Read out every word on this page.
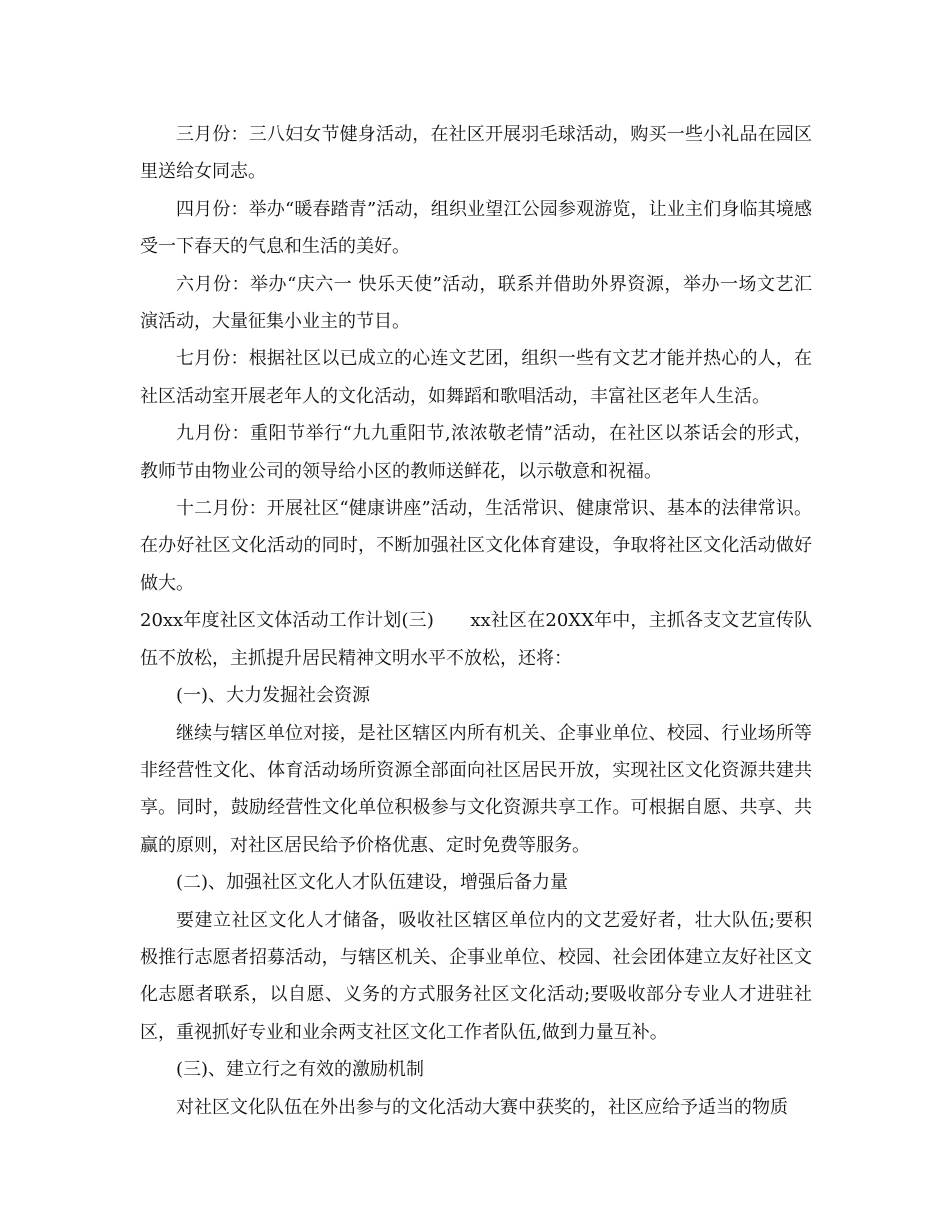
三月份：三八妇女节健身活动，在社区开展羽毛球活动，购买一些小礼品在园区里送给女同志。

四月份：举办“暖春踏青”活动，组织业望江公园参观游览，让业主们身临其境感受一下春天的气息和生活的美好。

六月份：举办“庆六一 快乐天使”活动，联系并借助外界资源，举办一场文艺汇演活动，大量征集小业主的节目。

七月份：根据社区以已成立的心连文艺团，组织一些有文艺才能并热心的人，在社区活动室开展老年人的文化活动，如舞蹈和歌唱活动，丰富社区老年人生活。

九月份：重阳节举行“九九重阳节,浓浓敬老情”活动，在社区以茶话会的形式，教师节由物业公司的领导给小区的教师送鲜花，以示敬意和祝福。

十二月份：开展社区“健康讲座”活动，生活常识、健康常识、基本的法律常识。在办好社区文化活动的同时，不断加强社区文化体育建设，争取将社区文化活动做好做大。

20xx年度社区文体活动工作计划(三)　　xx社区在20XX年中，主抓各支文艺宣传队伍不放松，主抓提升居民精神文明水平不放松，还将：

(一)、大力发掘社会资源

继续与辖区单位对接，是社区辖区内所有机关、企事业单位、校园、行业场所等非经营性文化、体育活动场所资源全部面向社区居民开放，实现社区文化资源共建共享。同时，鼓励经营性文化单位积极参与文化资源共享工作。可根据自愿、共享、共赢的原则，对社区居民给予价格优惠、定时免费等服务。

(二)、加强社区文化人才队伍建设，增强后备力量

要建立社区文化人才储备，吸收社区辖区单位内的文艺爱好者，壮大队伍;要积极推行志愿者招募活动，与辖区机关、企事业单位、校园、社会团体建立友好社区文化志愿者联系，以自愿、义务的方式服务社区文化活动;要吸收部分专业人才进驻社区，重视抓好专业和业余两支社区文化工作者队伍,做到力量互补。

(三)、建立行之有效的激励机制

对社区文化队伍在外出参与的文化活动大赛中获奖的，社区应给予适当的物质
